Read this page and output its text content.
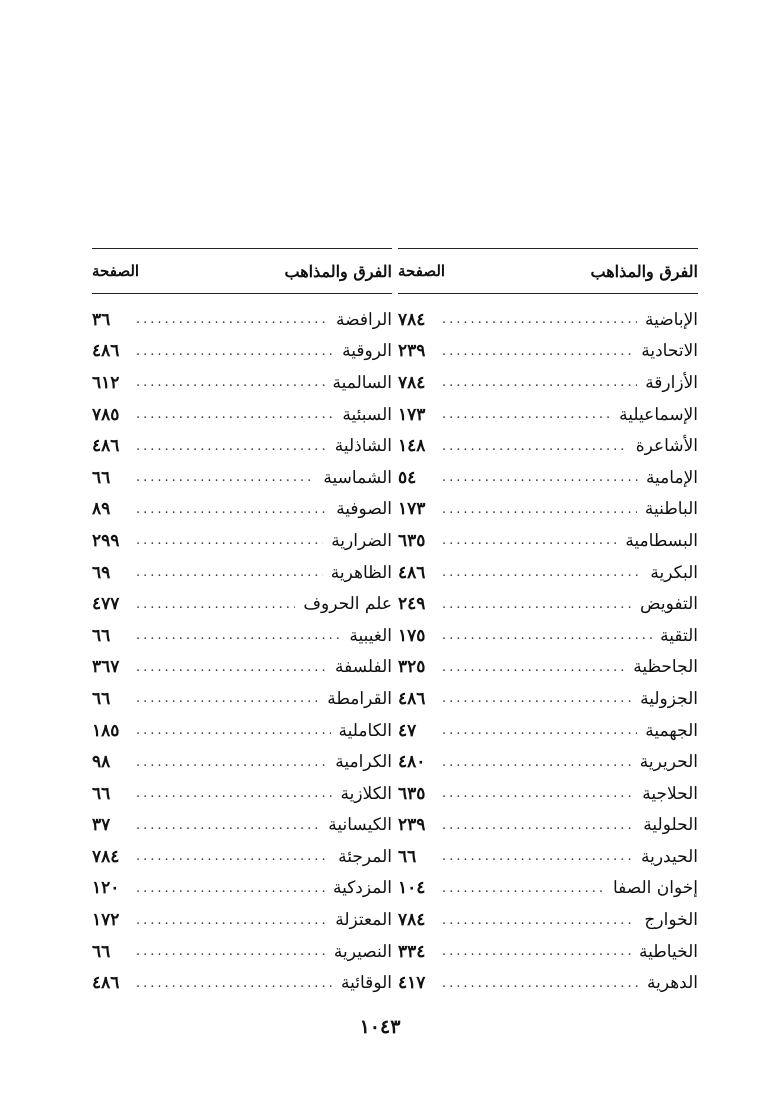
الفرق والمذاهب
الصفحة
الإباضية
.....
٧٨٤
الاتحادية
.....
٢٣٩
الأزارقة
.....
٧٨٤
الإسماعيلية
.....
١٧٣
الأشاعرة
.....
١٤٨
الإمامية
.....
٥٤
الباطنية
.....
١٧٣
البسطامية
.....
٦٣٥
البكرية
.....
٤٨٦
التفويض
.....
٢٤٩
التقية
.....
١٧٥
الجاحظية
.....
٣٢٥
الجزولية
.....
٤٨٦
الجهمية
.....
٤٧
الحريرية
.....
٤٨٠
الحلاجية
.....
٦٣٥
الحلولية
.....
٢٣٩
الحيدرية
.....
٦٦
إخوان الصفا
.....
١٠٤
الخوارج
.....
٧٨٤
الخياطية
.....
٣٣٤
الدهرية
.....
٤١٧
الفرق والمذاهب
الصفحة
الرافضة
.....
٣٦
الروقية
.....
٤٨٦
السالمية
.....
٦١٢
السبئية
.....
٧٨٥
الشاذلية
.....
٤٨٦
الشماسية
.....
٦٦
الصوفية
.....
٨٩
الضرارية
.....
٢٩٩
الظاهرية
.....
٦٩
علم الحروف
.....
٤٧٧
الغيبية
.....
٦٦
الفلسفة
.....
٣٦٧
القرامطة
.....
٦٦
الكاملية
.....
١٨٥
الكرامية
.....
٩٨
الكلازية
.....
٦٦
الكيسانية
.....
٣٧
المرجئة
.....
٧٨٤
المزدكية
.....
١٢٠
المعتزلة
.....
١٧٢
النصيرية
.....
٦٦
الوقائية
.....
٤٨٦
١٠٤٣
